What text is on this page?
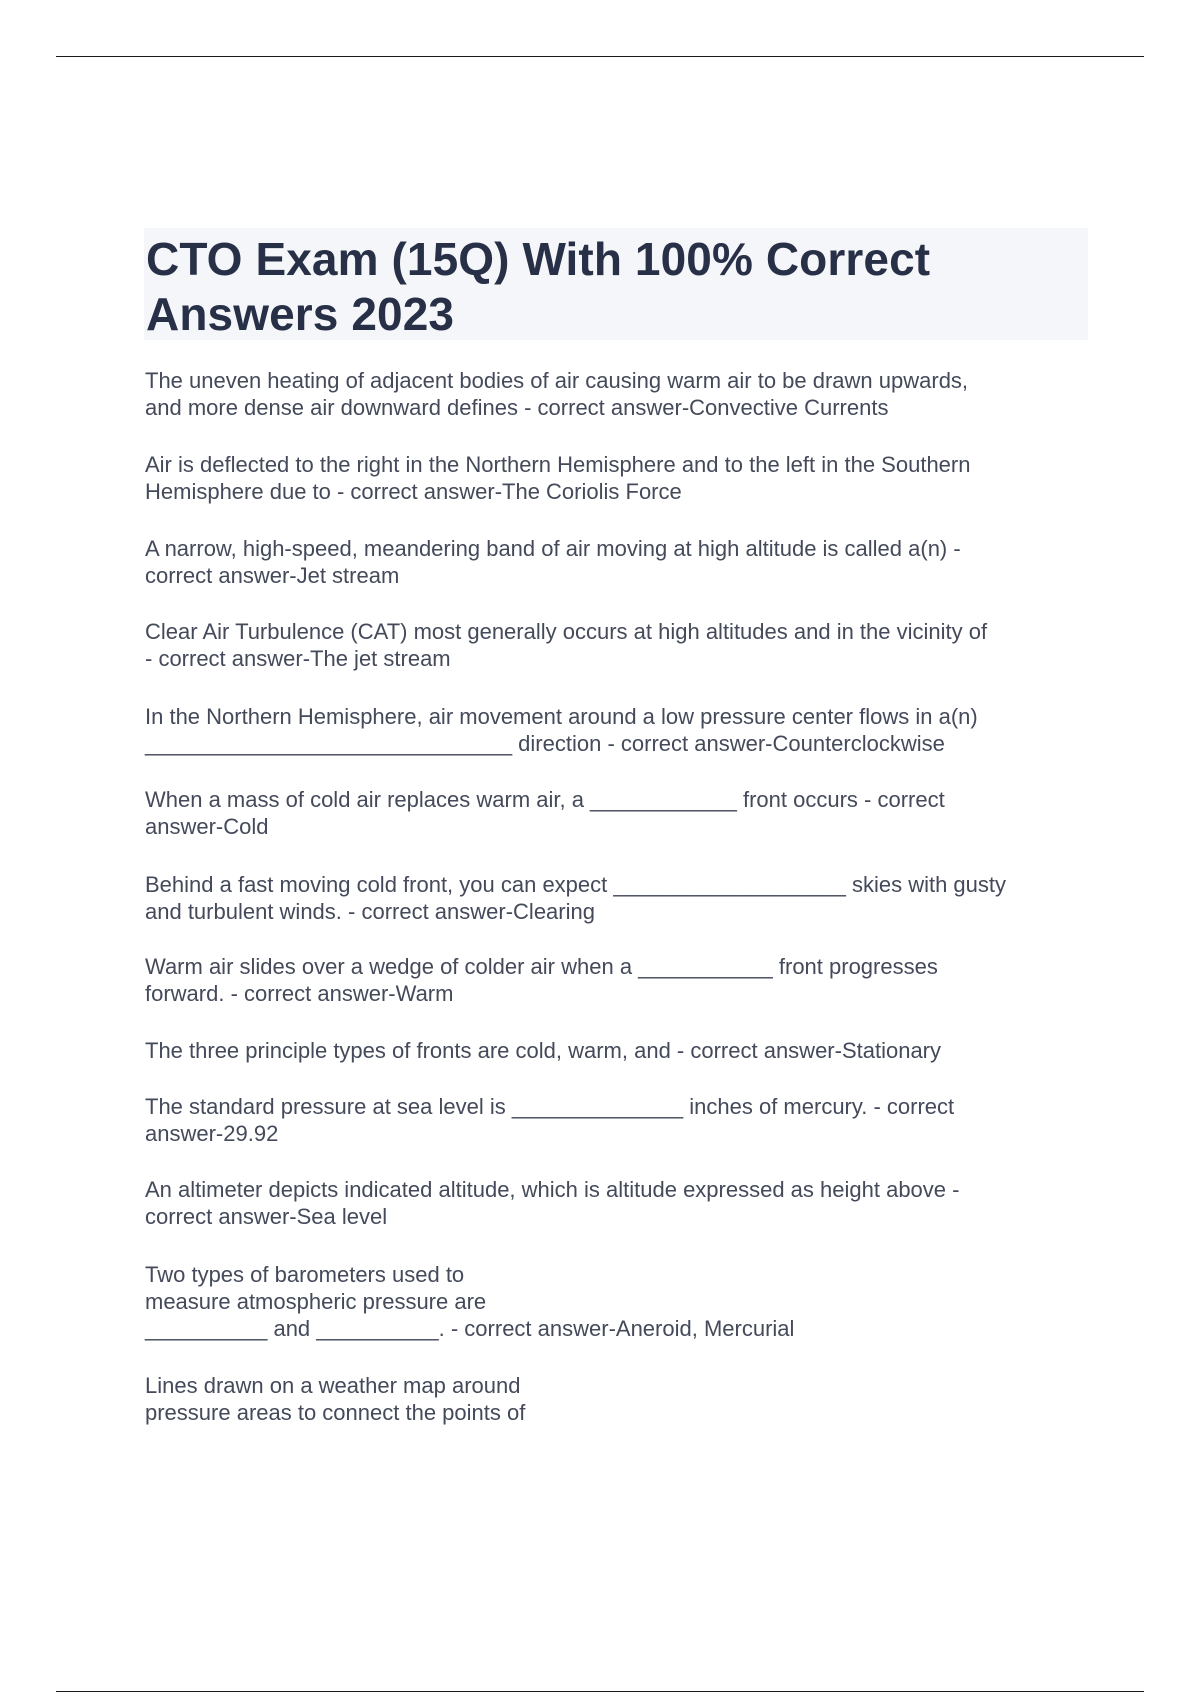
CTO Exam (15Q) With 100% Correct
Answers 2023
The uneven heating of adjacent bodies of air causing warm air to be drawn upwards,
and more dense air downward defines - correct answer-Convective Currents
Air is deflected to the right in the Northern Hemisphere and to the left in the Southern
Hemisphere due to - correct answer-The Coriolis Force
A narrow, high-speed, meandering band of air moving at high altitude is called a(n) -
correct answer-Jet stream
Clear Air Turbulence (CAT) most generally occurs at high altitudes and in the vicinity of
- correct answer-The jet stream
In the Northern Hemisphere, air movement around a low pressure center flows in a(n)
______________________________ direction - correct answer-Counterclockwise
When a mass of cold air replaces warm air, a ____________ front occurs - correct
answer-Cold
Behind a fast moving cold front, you can expect ___________________ skies with gusty
and turbulent winds. - correct answer-Clearing
Warm air slides over a wedge of colder air when a ___________ front progresses
forward. - correct answer-Warm
The three principle types of fronts are cold, warm, and - correct answer-Stationary
The standard pressure at sea level is ______________ inches of mercury. - correct
answer-29.92
An altimeter depicts indicated altitude, which is altitude expressed as height above -
correct answer-Sea level
Two types of barometers used to
measure atmospheric pressure are
__________ and __________. - correct answer-Aneroid, Mercurial
Lines drawn on a weather map around
pressure areas to connect the points of
